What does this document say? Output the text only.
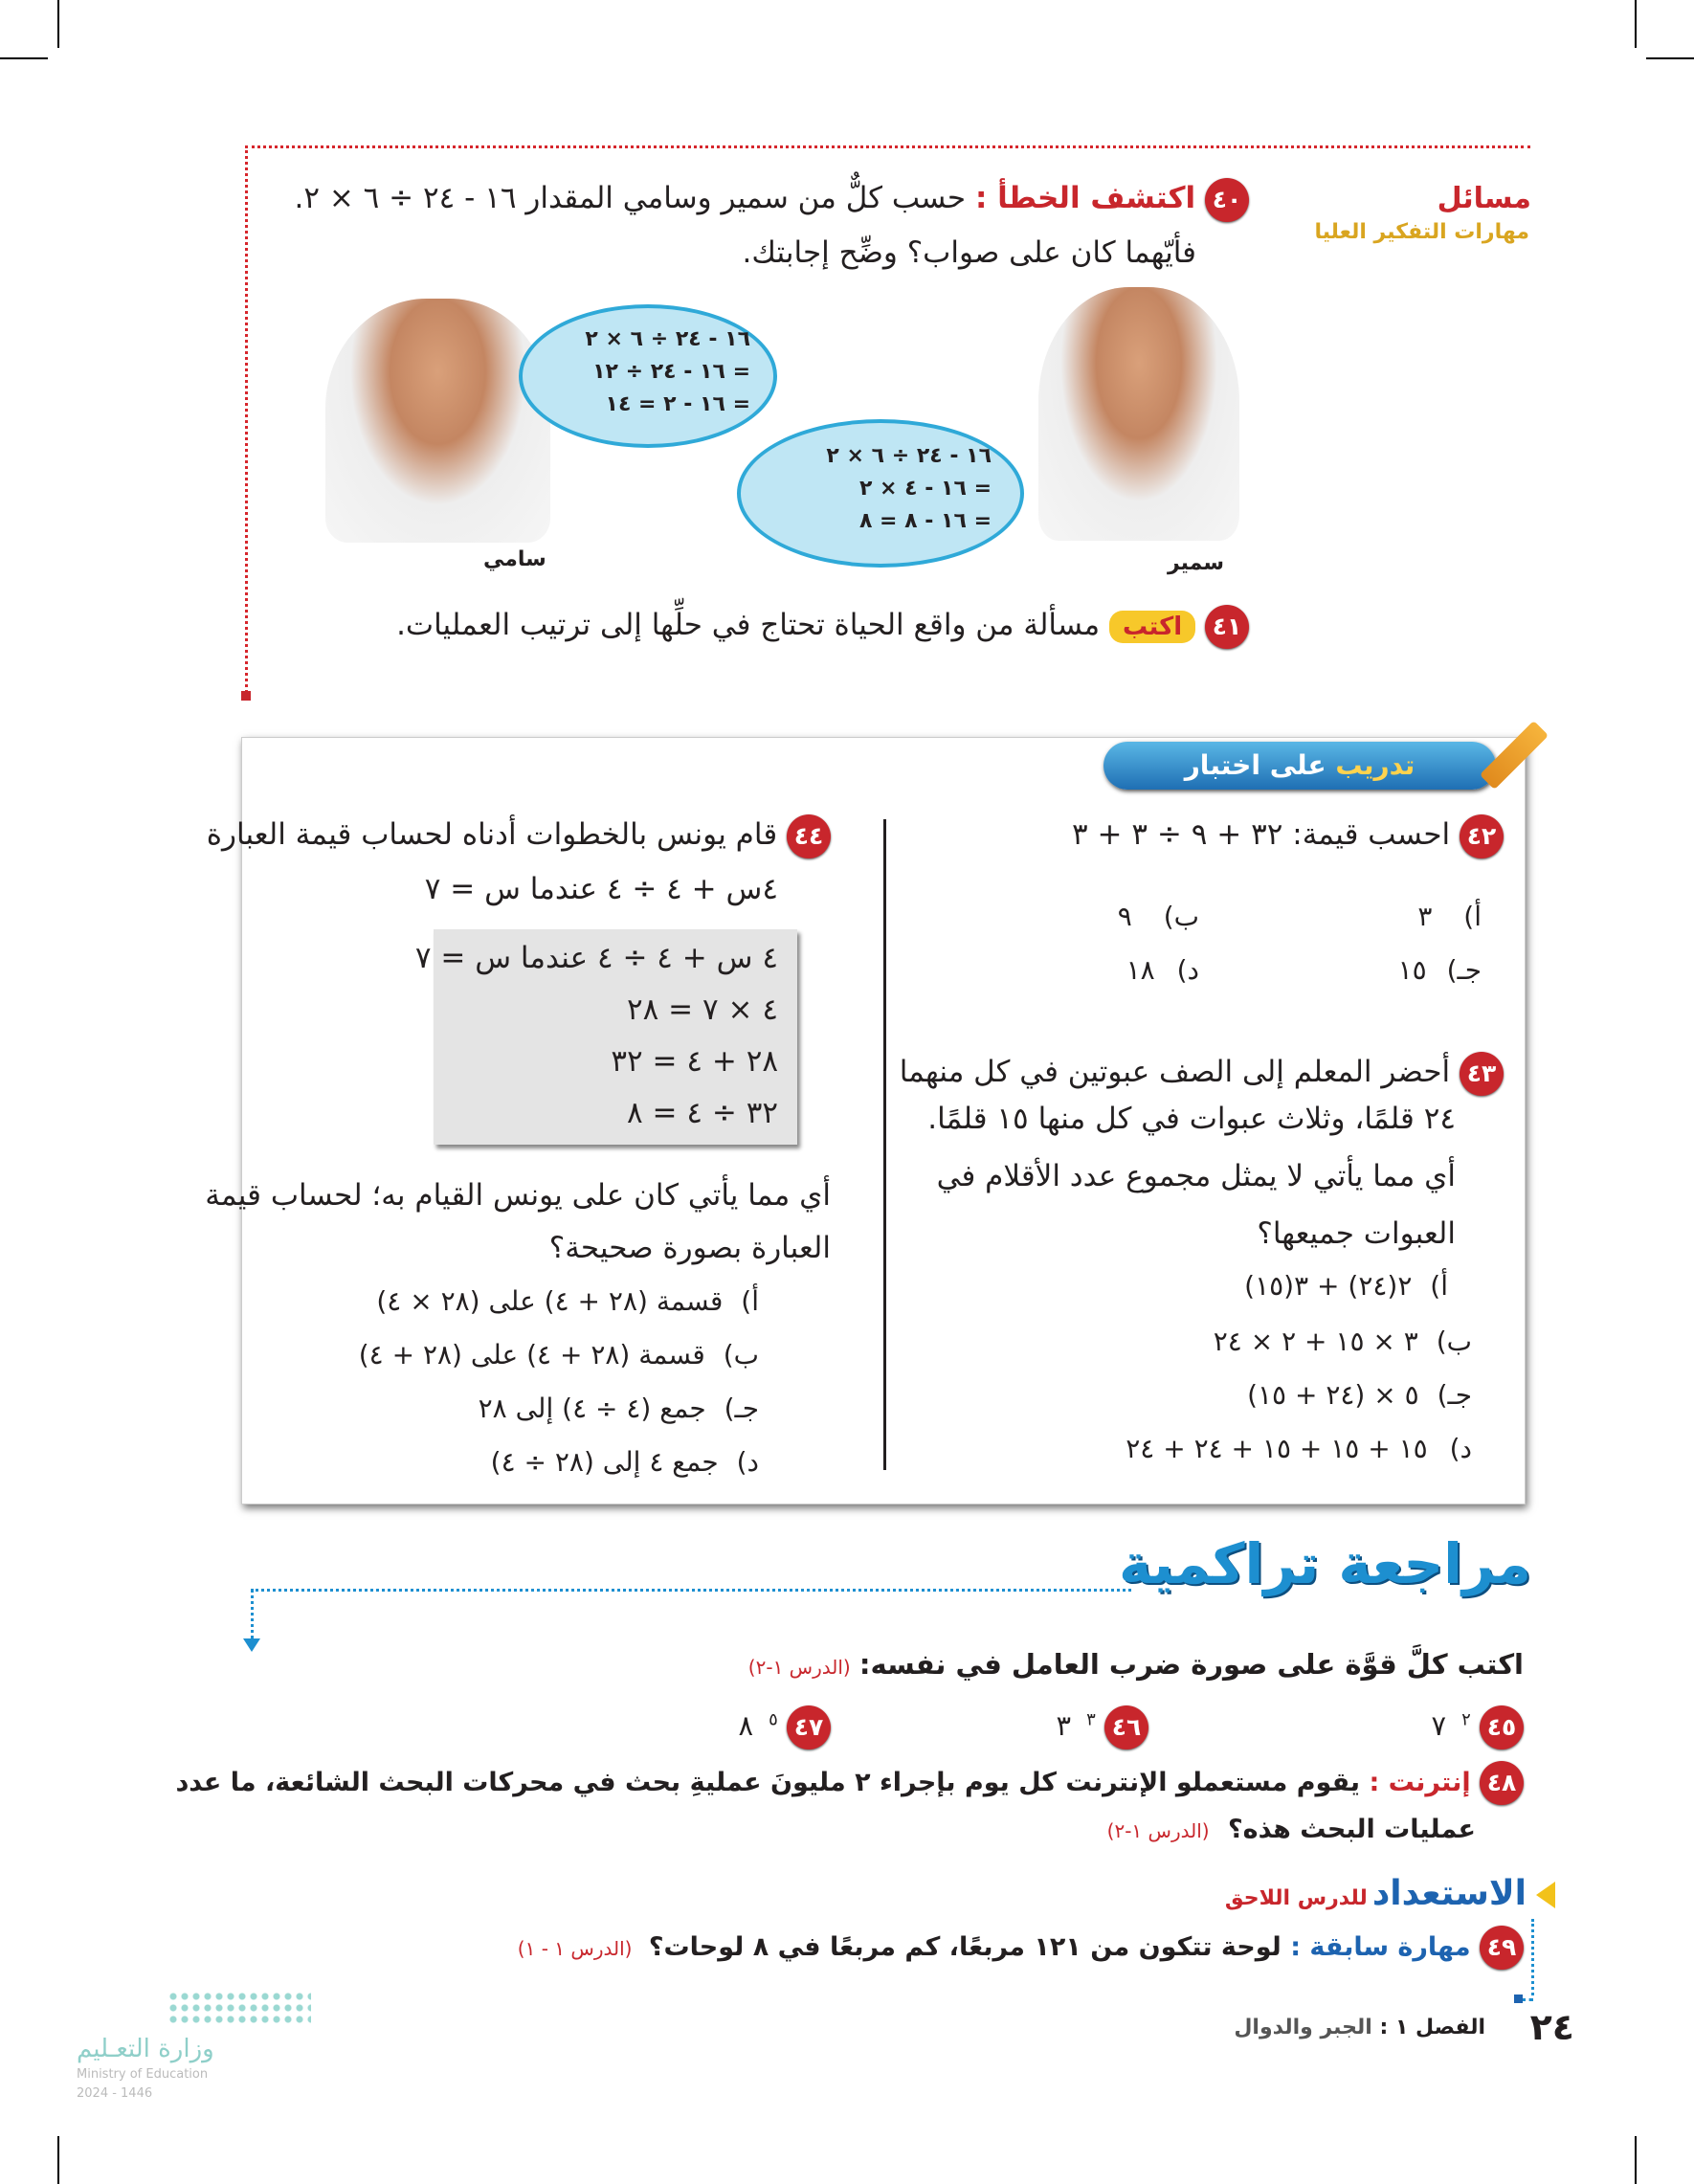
مسائل
مهارات التفكير العليا
٤٠ اكتشف الخطأ : حسب كلٌّ من سمير وسامي المقدار ١٦ - ٢٤ ÷ ٦ × ٢.
فأيّهما كان على صواب؟ وضِّح إجابتك.
سامي
١٦ - ٢٤ ÷ ٦ × ٢
= ١٦ - ٢٤ ÷ ١٢
= ١٦ - ٢ = ١٤
سمير
١٦ - ٢٤ ÷ ٦ × ٢
= ١٦ - ٤ × ٢
= ١٦ - ٨ = ٨
٤١ اكتب مسألة من واقع الحياة تحتاج في حلِّها إلى ترتيب العمليات.
تدريب على اختبار
٤٢ احسب قيمة: ٣٢ + ٩ ÷ ٣ + ٣
أ) ٣
ب) ٩
جـ) ١٥
د) ١٨
٤٣ أحضر المعلم إلى الصف عبوتين في كل منهما
٢٤ قلمًا، وثلاث عبوات في كل منها ١٥ قلمًا.
أي مما يأتي لا يمثل مجموع عدد الأقلام في
العبوات جميعها؟
أ) ٢(٢٤) + ٣(١٥)
ب) ٣ × ١٥ + ٢ × ٢٤
جـ) ٥ × (٢٤ + ١٥)
د) ١٥ + ١٥ + ١٥ + ٢٤ + ٢٤
٤٤ قام يونس بالخطوات أدناه لحساب قيمة العبارة
٤س + ٤ ÷ ٤ عندما س = ٧
٤ س + ٤ ÷ ٤ عندما س = ٧
٤ × ٧ = ٢٨
٢٨ + ٤ = ٣٢
٣٢ ÷ ٤ = ٨
أي مما يأتي كان على يونس القيام به؛ لحساب قيمة
العبارة بصورة صحيحة؟
أ) قسمة (٢٨ + ٤) على (٢٨ × ٤)
ب) قسمة (٢٨ + ٤) على (٢٨ + ٤)
جـ) جمع (٤ ÷ ٤) إلى ٢٨
د) جمع ٤ إلى (٢٨ ÷ ٤)
مراجعة تراكمية
اكتب كلَّ قوَّة على صورة ضرب العامل في نفسه: (الدرس ١-٢)
٤٥ ٧ $^٢$
٤٦ ٣ $^٣$
٤٧ ٨ $^٥$
٤٨ إنترنت : يقوم مستعملو الإنترنت كل يوم بإجراء ٢ مليونَ عمليةِ بحث في محركات البحث الشائعة، ما عدد
عمليات البحث هذه؟ (الدرس ١-٢)
الاستعداد للدرس اللاحق
٤٩ مهارة سابقة : لوحة تتكون من ١٢١ مربعًا، كم مربعًا في ٨ لوحات؟ (الدرس ١ - ١)
وزارة التعـليم
Ministry of Education
2024 - 1446
٢٤
الفصل ١ : الجبر والدوال
